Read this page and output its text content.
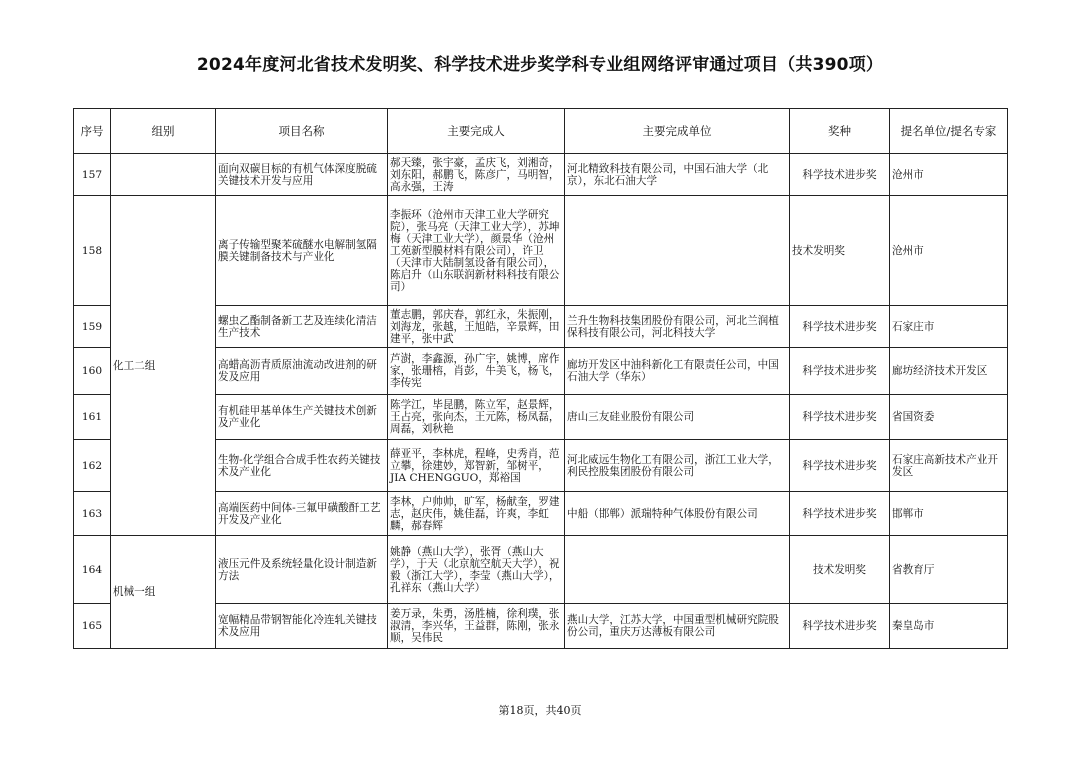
2024年度河北省技术发明奖、科学技术进步奖学科专业组网络评审通过项目（共390项）
序号	组别	项目名称	主要完成人	主要完成单位	奖种	提名单位/提名专家
157		面向双碳目标的有机气体深度脱硫关键技术开发与应用	郝天臻，张宇豪，孟庆飞，刘湘奇，刘东阳，郝鹏飞，陈彦广，马明智，高永强，王涛	河北精致科技有限公司，中国石油大学（北京），东北石油大学	科学技术进步奖	沧州市
158	化工二组	离子传输型聚苯硫醚水电解制氢隔膜关键制备技术与产业化	李振环（沧州市天津工业大学研究院），张马亮（天津工业大学），苏坤梅（天津工业大学），颜景华（沧州工苑新型膜材料有限公司），许卫（天津市大陆制氢设备有限公司），陈启升（山东联润新材料科技有限公司）		技术发明奖	沧州市
159		螺虫乙酯制备新工艺及连续化清洁生产技术	董志鹏，郭庆春，郭红永，朱振刚，刘海龙，张越，王旭皓，辛景辉，田建平，张中武	兰升生物科技集团股份有限公司，河北兰润植保科技有限公司，河北科技大学	科学技术进步奖	石家庄市
160		高蜡高沥青质原油流动改进剂的研发及应用	芦澍，李鑫源，孙广宇，姚博，席作家，张珊榕，肖彭，牛美飞，杨飞，李传宪	廊坊开发区中油科新化工有限责任公司，中国石油大学（华东）	科学技术进步奖	廊坊经济技术开发区
161		有机硅甲基单体生产关键技术创新及产业化	陈学江，毕昆鹏，陈立军，赵景辉，王占亮，张向杰，王元陈，杨凤磊，周磊，刘秋艳	唐山三友硅业股份有限公司	科学技术进步奖	省国资委
162		生物-化学组合合成手性农药关键技术及产业化	薛亚平，李林虎，程峰，史秀肖，范立攀，徐建妙，郑智新，邹树平，JIA CHENGGUO，郑裕国	河北威远生物化工有限公司，浙江工业大学，利民控股集团股份有限公司	科学技术进步奖	石家庄高新技术产业开发区
163		高端医药中间体-三氟甲磺酸酐工艺开发及产业化	李林，户帅帅，旷军，杨献奎，罗建志，赵庆伟，姚佳磊，许爽，李虹麟，郝春辉	中船（邯郸）派瑞特种气体股份有限公司	科学技术进步奖	邯郸市
164	机械一组	液压元件及系统轻量化设计制造新方法	姚静（燕山大学），张胥（燕山大学），于天（北京航空航天大学），祝毅（浙江大学），李莹（燕山大学），孔祥东（燕山大学）		技术发明奖	省教育厅
165		宽幅精品带钢智能化冷连轧关键技术及应用	姜万录，朱勇，汤胜楠，徐利璞，张淑清，李兴华，王益群，陈刚，张永顺，吴伟民	燕山大学，江苏大学，中国重型机械研究院股份公司，重庆万达薄板有限公司	科学技术进步奖	秦皇岛市
第18页，共40页
